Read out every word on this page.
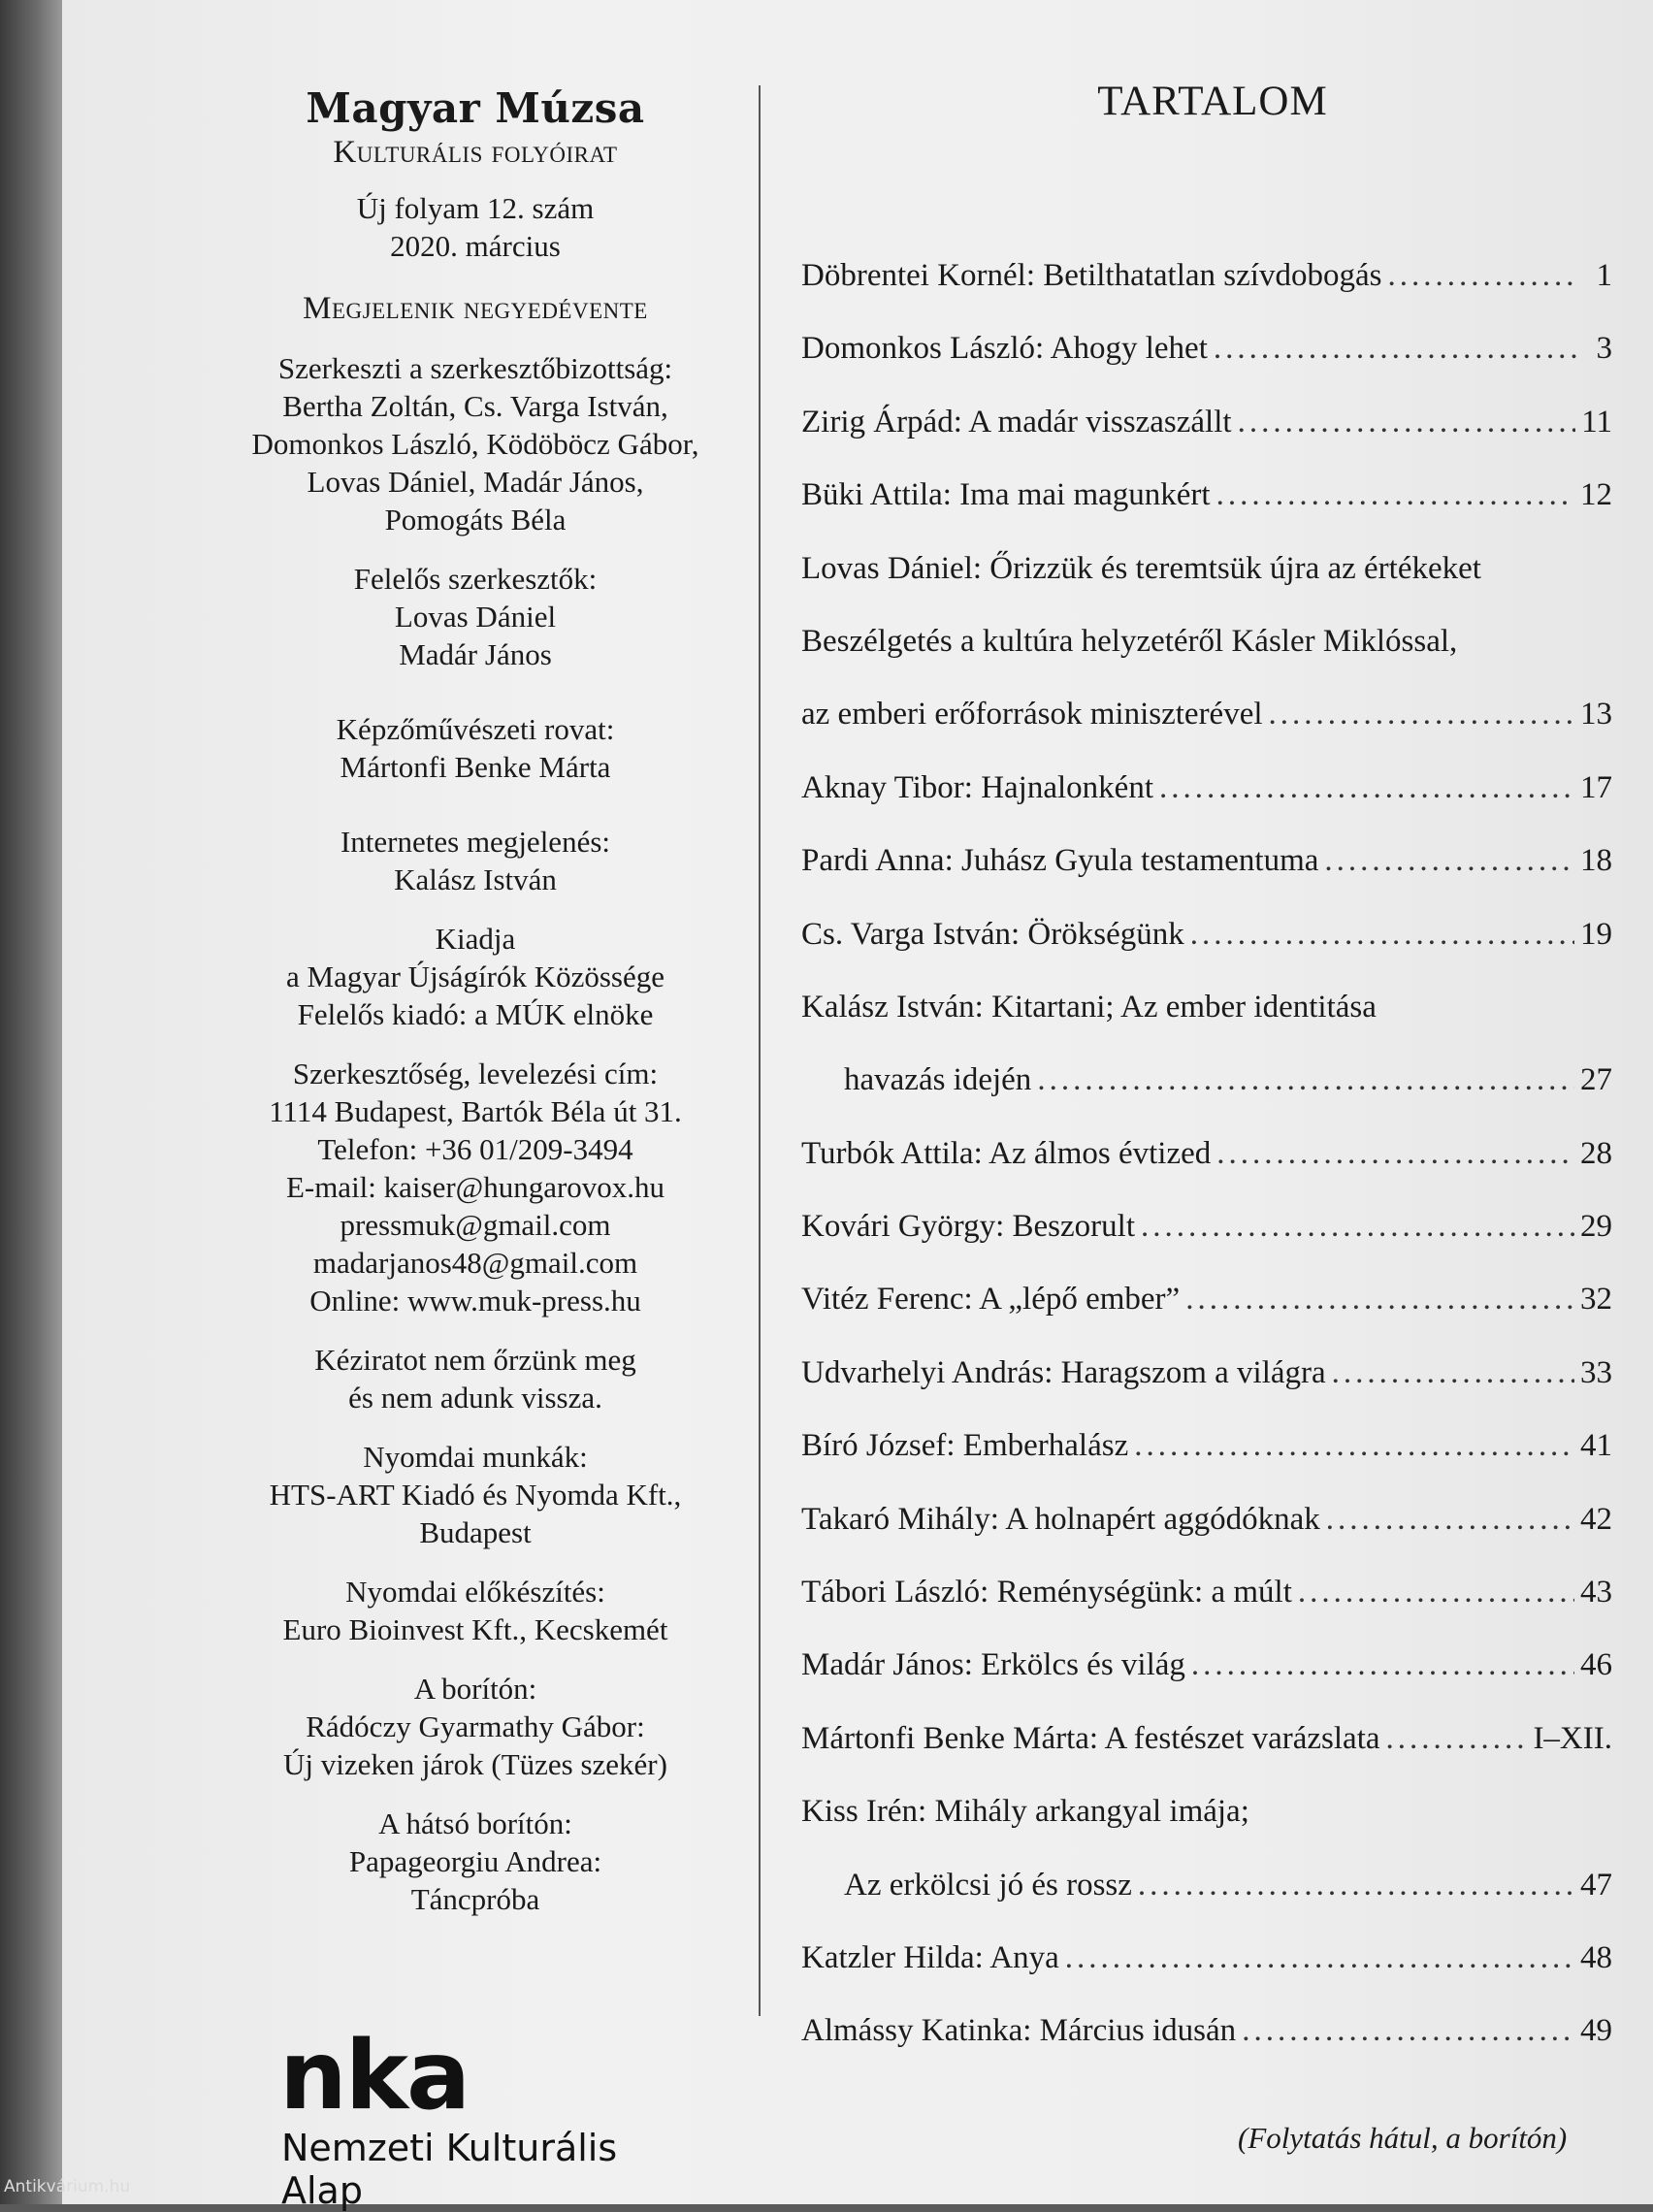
Magyar Múzsa
Kulturális folyóirat
Új folyam 12. szám
2020. március
Megjelenik negyedévente
Szerkeszti a szerkesztőbizottság:
Bertha Zoltán, Cs. Varga István,
Domonkos László, Ködöböcz Gábor,
Lovas Dániel, Madár János,
Pomogáts Béla
Felelős szerkesztők:
Lovas Dániel
Madár János
Képzőművészeti rovat:
Mártonfi Benke Márta
Internetes megjelenés:
Kalász István
Kiadja
a Magyar Újságírók Közössége
Felelős kiadó: a MÚK elnöke
Szerkesztőség, levelezési cím:
1114 Budapest, Bartók Béla út 31.
Telefon: +36 01/209-3494
E-mail: kaiser@hungarovox.hu
pressmuk@gmail.com
madarjanos48@gmail.com
Online: www.muk-press.hu
Kéziratot nem őrzünk meg
és nem adunk vissza.
Nyomdai munkák:
HTS-ART Kiadó és Nyomda Kft.,
Budapest
Nyomdai előkészítés:
Euro Bioinvest Kft., Kecskemét
A borítón:
Rádóczy Gyarmathy Gábor:
Új vizeken járok (Tüzes szekér)
A hátsó borítón:
Papageorgiu Andrea:
Táncpróba
nka
Nemzeti Kulturális Alap
TARTALOM
Döbrentei Kornél: Betilthatatlan szívdobogás .....	1
Domonkos László: Ahogy lehet .....	3
Zirig Árpád: A madár visszaszállt .....	11
Büki Attila: Ima mai magunkért .....	12
Lovas Dániel: Őrizzük és teremtsük újra az értékeket
Beszélgetés a kultúra helyzetéről Kásler Miklóssal,
az emberi erőforrások miniszterével .....	13
Aknay Tibor: Hajnalonként .....	17
Pardi Anna: Juhász Gyula testamentuma .....	18
Cs. Varga István: Örökségünk .....	19
Kalász István: Kitartani; Az ember identitása
havazás idején .....	27
Turbók Attila: Az álmos évtized .....	28
Kovári György: Beszorult .....	29
Vitéz Ferenc: A „lépő ember” .....	32
Udvarhelyi András: Haragszom a világra .....	33
Bíró József: Emberhalász .....	41
Takaró Mihály: A holnapért aggódóknak .....	42
Tábori László: Reménységünk: a múlt .....	43
Madár János: Erkölcs és világ .....	46
Mártonfi Benke Márta: A festészet varázslata .....	I–XII.
Kiss Irén: Mihály arkangyal imája;
Az erkölcsi jó és rossz .....	47
Katzler Hilda: Anya .....	48
Almássy Katinka: Március idusán .....	49
(Folytatás hátul, a borítón)
Antikvárium.hu
